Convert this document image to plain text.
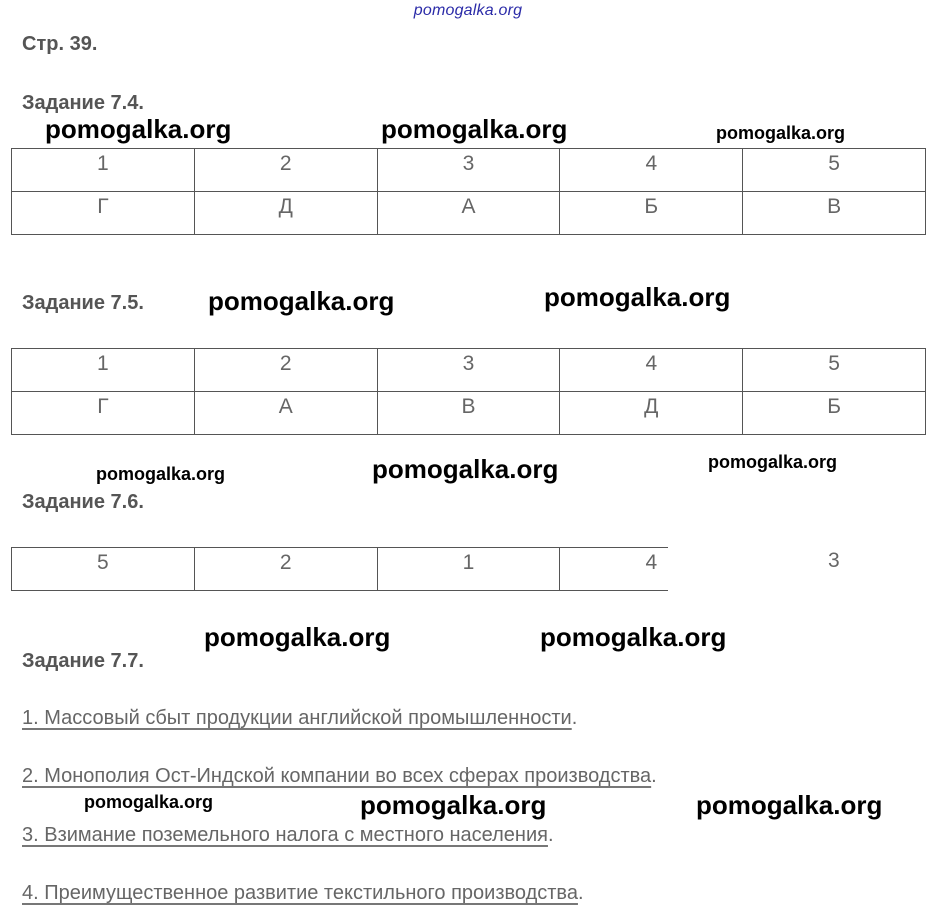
pomogalka.org
Стр. 39.
Задание 7.4.
pomogalka.org	pomogalka.org	pomogalka.org
1	2	3	4	5
Г	Д	А	Б	В
Задание 7.5. pomogalka.org	pomogalka.org
1	2	3	4	5
Г	А	В	Д	Б
pomogalka.org	pomogalka.org	pomogalka.org
Задание 7.6.
5	2	1	4		3
pomogalka.org	pomogalka.org
Задание 7.7.
1. Массовый сбыт продукции английской промышленности.
2. Монополия Ост-Индской компании во всех сферах производства.
pomogalka.org	pomogalka.org	pomogalka.org
3. Взимание поземельного налога с местного населения.
4. Преимущественное развитие текстильного производства.
